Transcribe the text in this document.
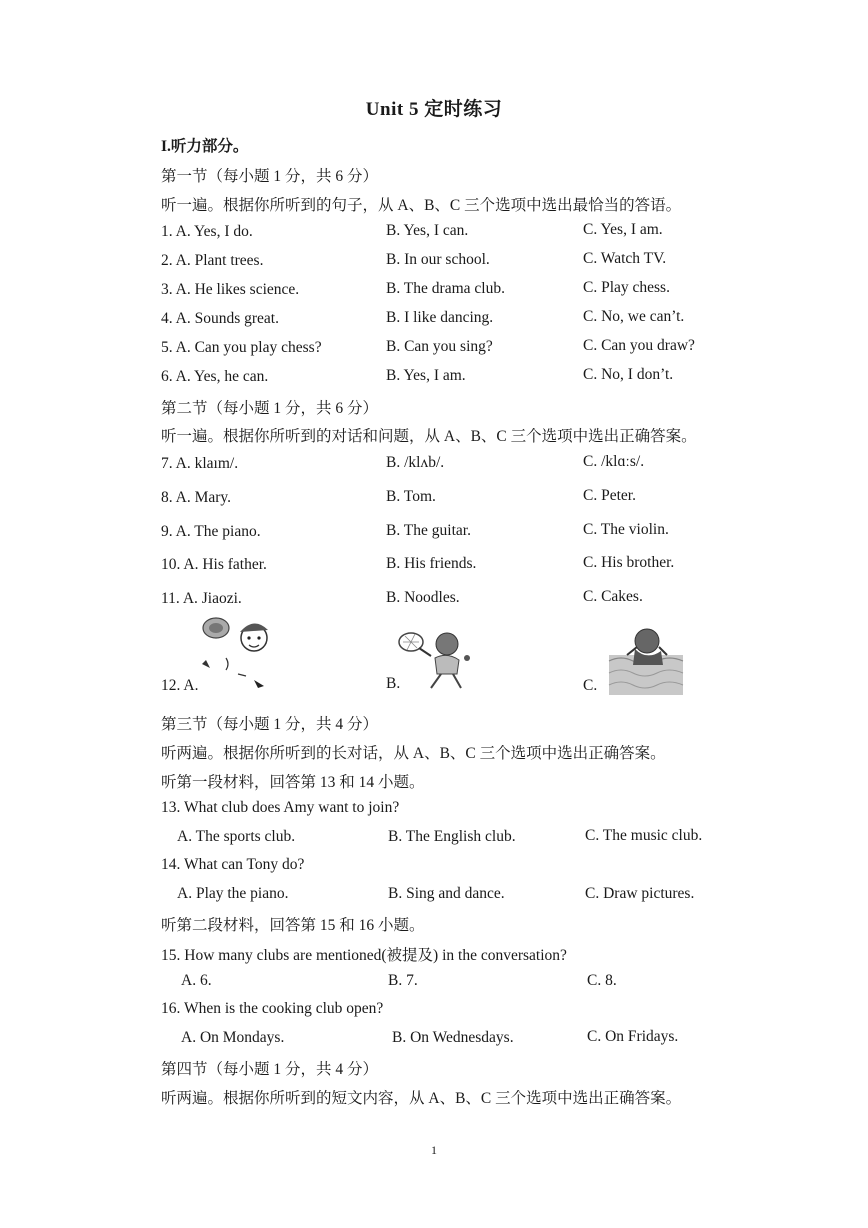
Unit 5 定时练习
I.听力部分。
第一节（每小题 1 分，共 6 分）
听一遍。根据你所听到的句子，从 A、B、C 三个选项中选出最恰当的答语。
1. A. Yes, I do.	B. Yes, I can.	C. Yes, I am.
2. A. Plant trees.	B. In our school.	C. Watch TV.
3. A. He likes science.	B. The drama club.	C. Play chess.
4. A. Sounds great.	B. I like dancing.	C. No, we can’t.
5. A. Can you play chess?	B. Can you sing?	C. Can you draw?
6. A. Yes, he can.	B. Yes, I am.	C. No, I don’t.
第二节（每小题 1 分，共 6 分）
听一遍。根据你所听到的对话和问题，从 A、B、C 三个选项中选出正确答案。
7. A. klaım/.	B. /klʌb/.	C. /klɑːs/.
8. A. Mary.	B. Tom.	C. Peter.
9. A. The piano.	B. The guitar.	C. The violin.
10. A. His father.	B. His friends.	C. His brother.
11. A. Jiaozi.	B. Noodles.	C. Cakes.
12. A.	B.	C.
第三节（每小题 1 分，共 4 分）
听两遍。根据你所听到的长对话，从 A、B、C 三个选项中选出正确答案。
听第一段材料，回答第 13 和 14 小题。
13. What club does Amy want to join?
A. The sports club.	B. The English club.	C. The music club.
14. What can Tony do?
A. Play the piano.	B. Sing and dance.	C. Draw pictures.
听第二段材料，回答第 15 和 16 小题。
15. How many clubs are mentioned(被提及) in the conversation?
A. 6.	B. 7.	C. 8.
16. When is the cooking club open?
A. On Mondays.	B. On Wednesdays.	C. On Fridays.
第四节（每小题 1 分，共 4 分）
听两遍。根据你所听到的短文内容，从 A、B、C 三个选项中选出正确答案。
1
